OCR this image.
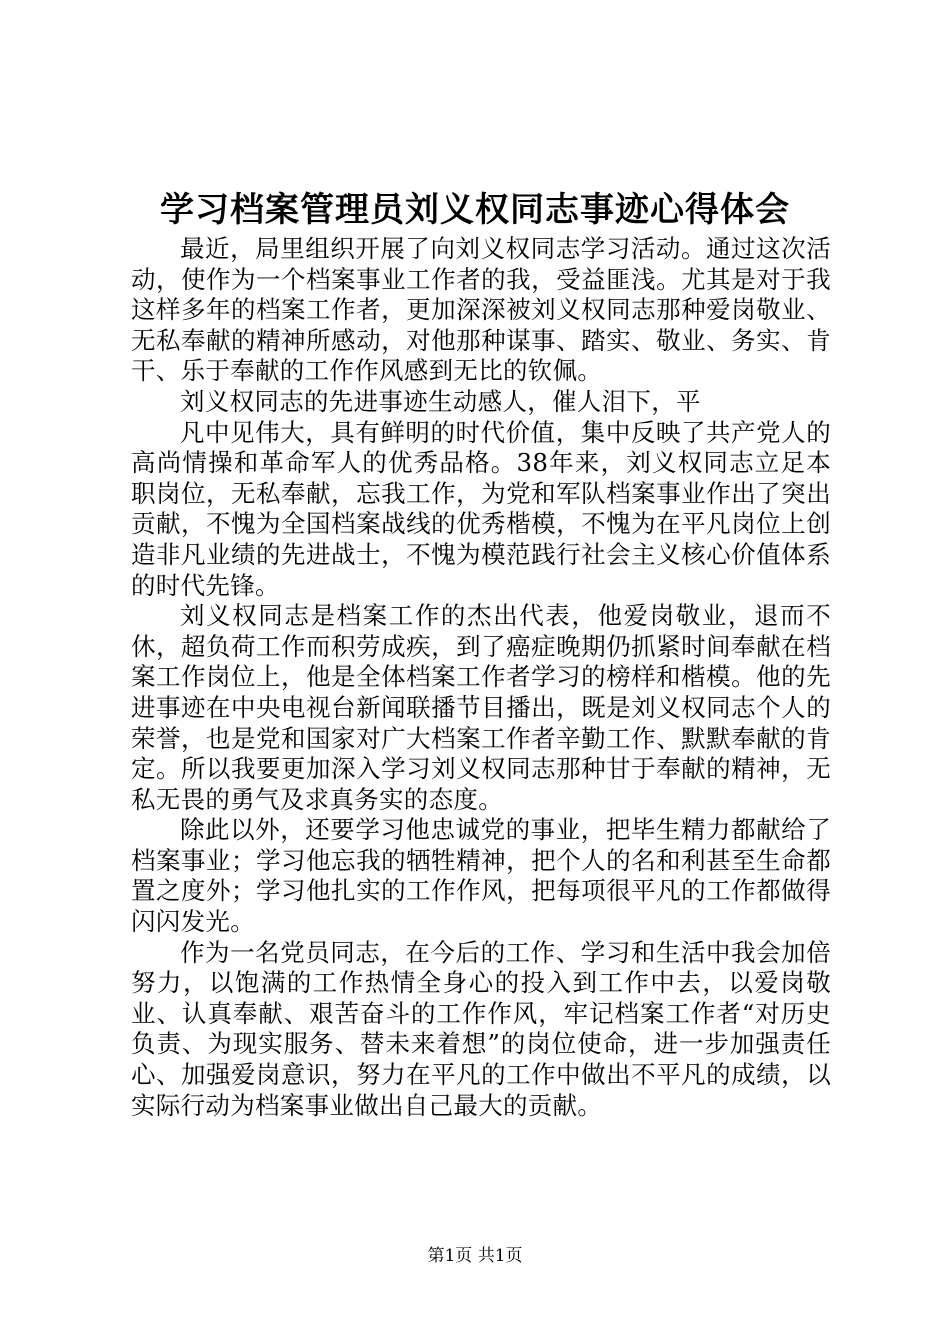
学习档案管理员刘义权同志事迹心得体会

最近，局里组织开展了向刘义权同志学习活动。通过这次活动，使作为一个档案事业工作者的我，受益匪浅。尤其是对于我这样多年的档案工作者，更加深深被刘义权同志那种爱岗敬业、无私奉献的精神所感动，对他那种谋事、踏实、敬业、务实、肯干、乐于奉献的工作作风感到无比的钦佩。

刘义权同志的先进事迹生动感人，催人泪下，平

凡中见伟大，具有鲜明的时代价值，集中反映了共产党人的高尚情操和革命军人的优秀品格。38年来，刘义权同志立足本职岗位，无私奉献，忘我工作，为党和军队档案事业作出了突出贡献，不愧为全国档案战线的优秀楷模，不愧为在平凡岗位上创造非凡业绩的先进战士，不愧为模范践行社会主义核心价值体系的时代先锋。

刘义权同志是档案工作的杰出代表，他爱岗敬业，退而不休，超负荷工作而积劳成疾，到了癌症晚期仍抓紧时间奉献在档案工作岗位上，他是全体档案工作者学习的榜样和楷模。他的先进事迹在中央电视台新闻联播节目播出，既是刘义权同志个人的荣誉，也是党和国家对广大档案工作者辛勤工作、默默奉献的肯定。所以我要更加深入学习刘义权同志那种甘于奉献的精神，无私无畏的勇气及求真务实的态度。

除此以外，还要学习他忠诚党的事业，把毕生精力都献给了档案事业；学习他忘我的牺牲精神，把个人的名和利甚至生命都置之度外；学习他扎实的工作作风，把每项很平凡的工作都做得闪闪发光。

作为一名党员同志，在今后的工作、学习和生活中我会加倍努力，以饱满的工作热情全身心的投入到工作中去，以爱岗敬业、认真奉献、艰苦奋斗的工作作风，牢记档案工作者“对历史负责、为现实服务、替未来着想”的岗位使命，进一步加强责任心、加强爱岗意识，努力在平凡的工作中做出不平凡的成绩，以实际行动为档案事业做出自己最大的贡献。

第1页 共1页
